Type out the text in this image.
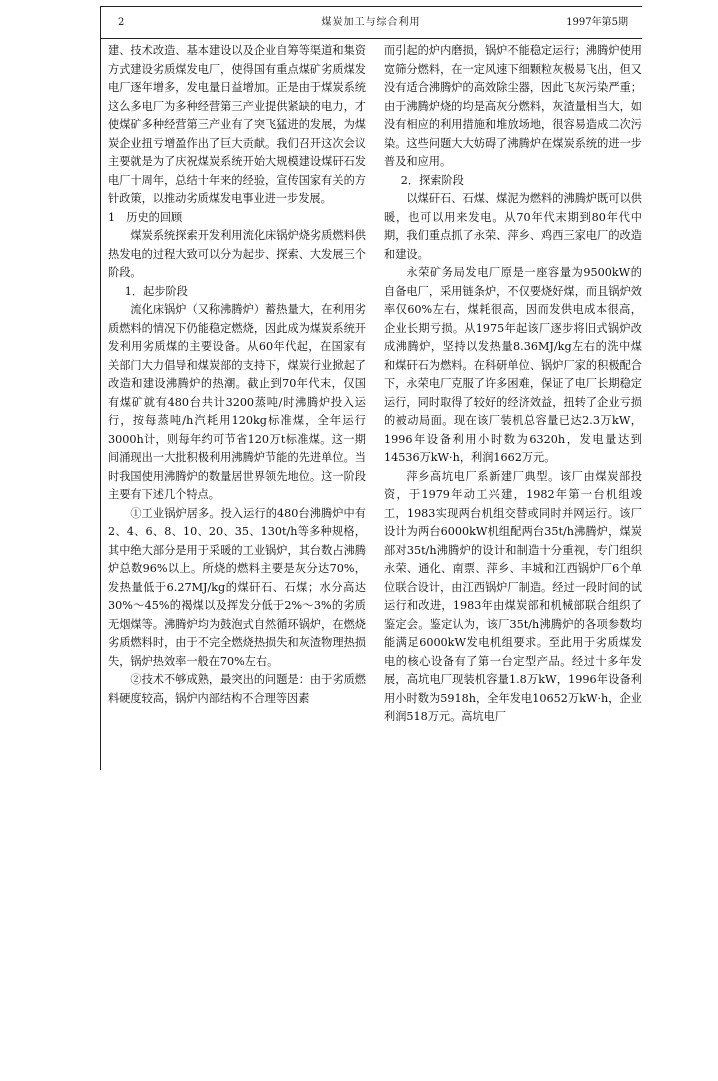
2	煤炭加工与综合利用	1997年第5期

建、技术改造、基本建设以及企业自筹等渠道和集资方式建设劣质煤发电厂，使得国有重点煤矿劣质煤发电厂逐年增多，发电量日益增加。正是由于煤炭系统这么多电厂为多种经营第三产业提供紧缺的电力，才使煤矿多种经营第三产业有了突飞猛进的发展，为煤炭企业扭亏增盈作出了巨大贡献。我们召开这次会议主要就是为了庆祝煤炭系统开始大规模建设煤矸石发电厂十周年，总结十年来的经验，宣传国家有关的方针政策，以推动劣质煤发电事业进一步发展。

1　历史的回顾

煤炭系统探索开发利用流化床锅炉烧劣质燃料供热发电的过程大致可以分为起步、探索、大发展三个阶段。

1．起步阶段

流化床锅炉（又称沸腾炉）蓄热量大，在利用劣质燃料的情况下仍能稳定燃烧，因此成为煤炭系统开发利用劣质煤的主要设备。从60年代起，在国家有关部门大力倡导和煤炭部的支持下，煤炭行业掀起了改造和建设沸腾炉的热潮。截止到70年代末，仅国有煤矿就有480台共计3200蒸吨/时沸腾炉投入运行，按每蒸吨/h汽耗用120kg标准煤，全年运行3000h计，则每年约可节省120万t标准煤。这一期间涌现出一大批积极利用沸腾炉节能的先进单位。当时我国使用沸腾炉的数量居世界领先地位。这一阶段主要有下述几个特点。

①工业锅炉居多。投入运行的480台沸腾炉中有2、4、6、8、10、20、35、130t/h等多种规格，其中绝大部分是用于采暖的工业锅炉，其台数占沸腾炉总数96%以上。所烧的燃料主要是灰分达70%，发热量低于6.27MJ/kg的煤矸石、石煤；水分高达30%～45%的褐煤以及挥发分低于2%～3%的劣质无烟煤等。沸腾炉均为鼓泡式自然循环锅炉，在燃烧劣质燃料时，由于不完全燃烧热损失和灰渣物理热损失，锅炉热效率一般在70%左右。

②技术不够成熟，最突出的问题是：由于劣质燃料硬度较高，锅炉内部结构不合理等因素

而引起的炉内磨损，锅炉不能稳定运行；沸腾炉使用宽筛分燃料，在一定风速下细颗粒灰极易飞出，但又没有适合沸腾炉的高效除尘器，因此飞灰污染严重；由于沸腾炉烧的均是高灰分燃料，灰渣量相当大，如没有相应的利用措施和堆放场地，很容易造成二次污染。这些问题大大妨碍了沸腾炉在煤炭系统的进一步普及和应用。

2．探索阶段

以煤矸石、石煤、煤泥为燃料的沸腾炉既可以供暖，也可以用来发电。从70年代末期到80年代中期，我们重点抓了永荣、萍乡、鸡西三家电厂的改造和建设。

永荣矿务局发电厂原是一座容量为9500kW的自备电厂，采用链条炉，不仅要烧好煤，而且锅炉效率仅60%左右，煤耗很高，因而发供电成本很高，企业长期亏损。从1975年起该厂逐步将旧式锅炉改成沸腾炉，坚持以发热量8.36MJ/kg左右的洗中煤和煤矸石为燃料。在科研单位、锅炉厂家的积极配合下，永荣电厂克服了许多困难，保证了电厂长期稳定运行，同时取得了较好的经济效益，扭转了企业亏损的被动局面。现在该厂装机总容量已达2.3万kW，1996年设备利用小时数为6320h，发电量达到14536万kW·h，利润1662万元。

萍乡高坑电厂系新建厂典型。该厂由煤炭部投资，于1979年动工兴建，1982年第一台机组竣工，1983实现两台机组交替或同时并网运行。该厂设计为两台6000kW机组配两台35t/h沸腾炉，煤炭部对35t/h沸腾炉的设计和制造十分重视，专门组织永荣、通化、南票、萍乡、丰城和江西锅炉厂6个单位联合设计，由江西锅炉厂制造。经过一段时间的试运行和改进，1983年由煤炭部和机械部联合组织了鉴定会。鉴定认为，该厂35t/h沸腾炉的各项参数均能满足6000kW发电机组要求。至此用于劣质煤发电的核心设备有了第一台定型产品。经过十多年发展，高坑电厂现装机容量1.8万kW，1996年设备利用小时数为5918h，全年发电10652万kW·h，企业利润518万元。高坑电厂
